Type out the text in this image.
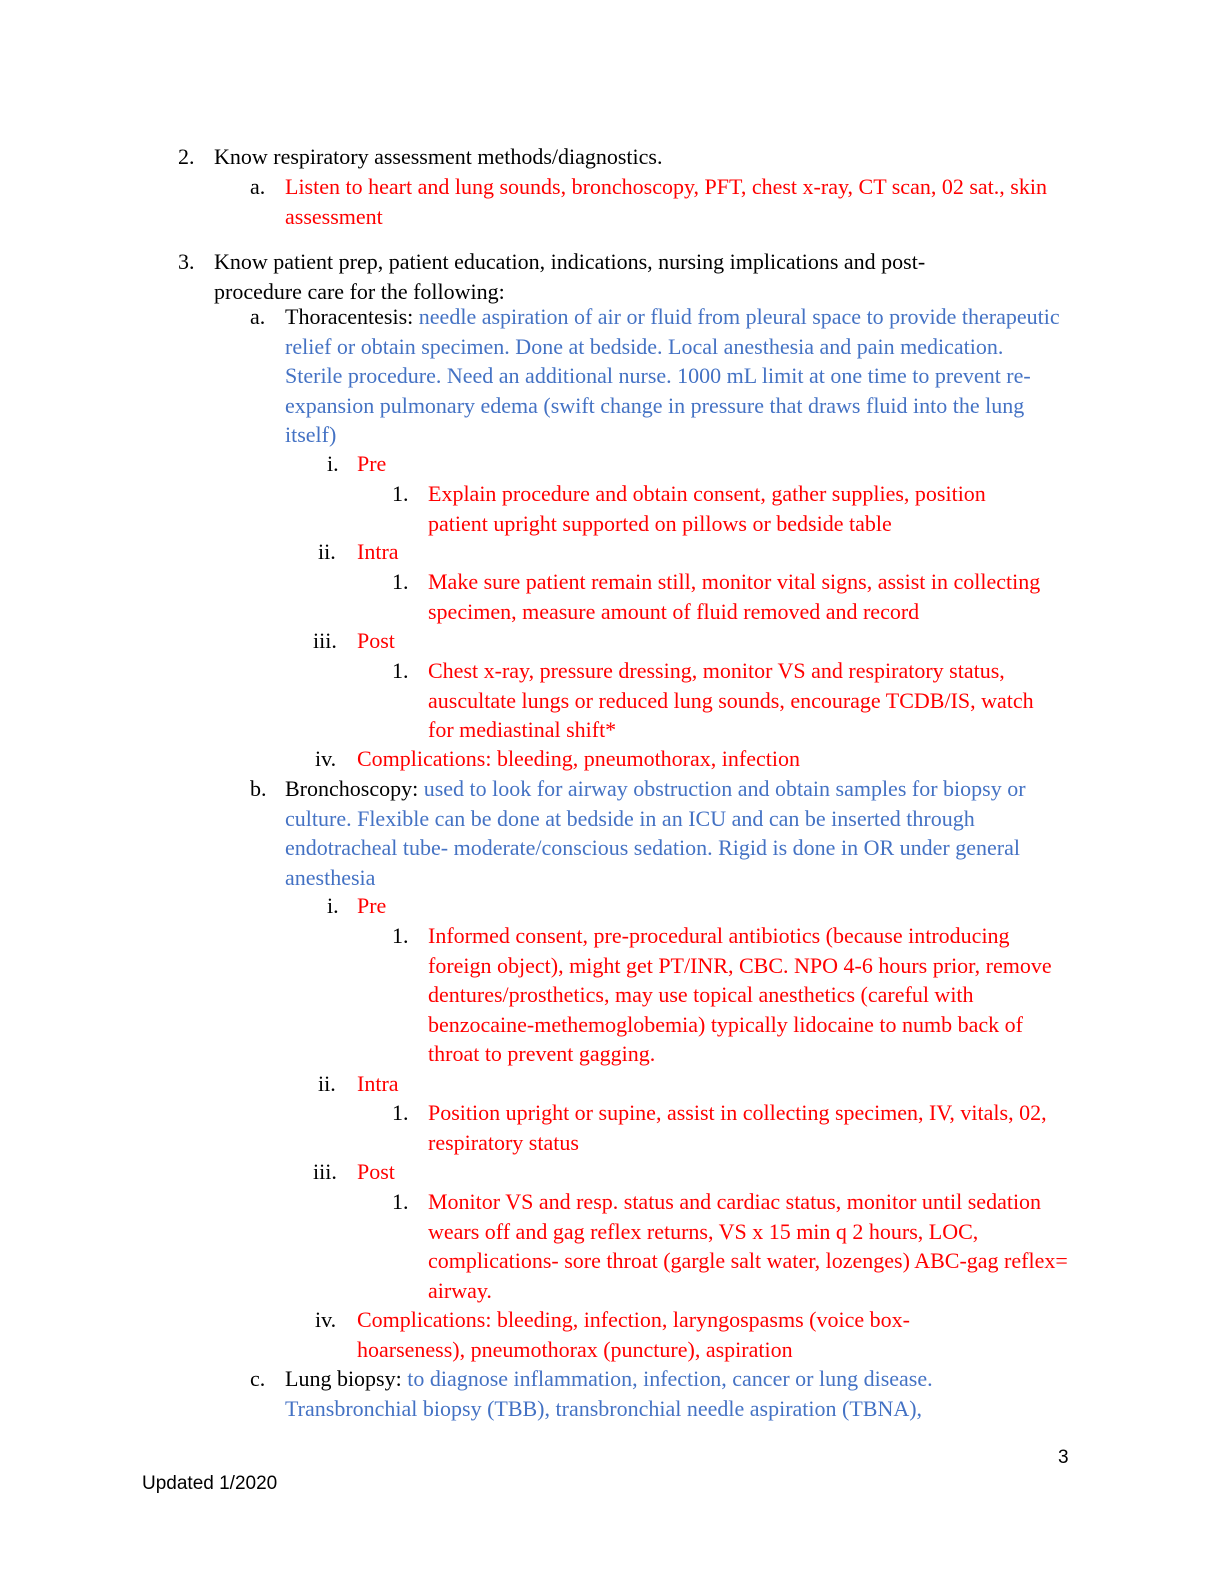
2. Know respiratory assessment methods/diagnostics.
a. Listen to heart and lung sounds, bronchoscopy, PFT, chest x-ray, CT scan, 02 sat., skin assessment
3. Know patient prep, patient education, indications, nursing implications and post-procedure care for the following:
a. Thoracentesis: needle aspiration of air or fluid from pleural space to provide therapeutic relief or obtain specimen. Done at bedside. Local anesthesia and pain medication. Sterile procedure. Need an additional nurse. 1000 mL limit at one time to prevent re-expansion pulmonary edema (swift change in pressure that draws fluid into the lung itself)
i. Pre
1. Explain procedure and obtain consent, gather supplies, position patient upright supported on pillows or bedside table
ii. Intra
1. Make sure patient remain still, monitor vital signs, assist in collecting specimen, measure amount of fluid removed and record
iii. Post
1. Chest x-ray, pressure dressing, monitor VS and respiratory status, auscultate lungs or reduced lung sounds, encourage TCDB/IS, watch for mediastinal shift*
iv. Complications: bleeding, pneumothorax, infection
b. Bronchoscopy: used to look for airway obstruction and obtain samples for biopsy or culture. Flexible can be done at bedside in an ICU and can be inserted through endotracheal tube- moderate/conscious sedation. Rigid is done in OR under general anesthesia
i. Pre
1. Informed consent, pre-procedural antibiotics (because introducing foreign object), might get PT/INR, CBC. NPO 4-6 hours prior, remove dentures/prosthetics, may use topical anesthetics (careful with benzocaine-methemoglobemia) typically lidocaine to numb back of throat to prevent gagging.
ii. Intra
1. Position upright or supine, assist in collecting specimen, IV, vitals, 02, respiratory status
iii. Post
1. Monitor VS and resp. status and cardiac status, monitor until sedation wears off and gag reflex returns, VS x 15 min q 2 hours, LOC, complications- sore throat (gargle salt water, lozenges) ABC-gag reflex= airway.
iv. Complications: bleeding, infection, laryngospasms (voice box-hoarseness), pneumothorax (puncture), aspiration
c. Lung biopsy: to diagnose inflammation, infection, cancer or lung disease. Transbronchial biopsy (TBB), transbronchial needle aspiration (TBNA),
3
Updated 1/2020
